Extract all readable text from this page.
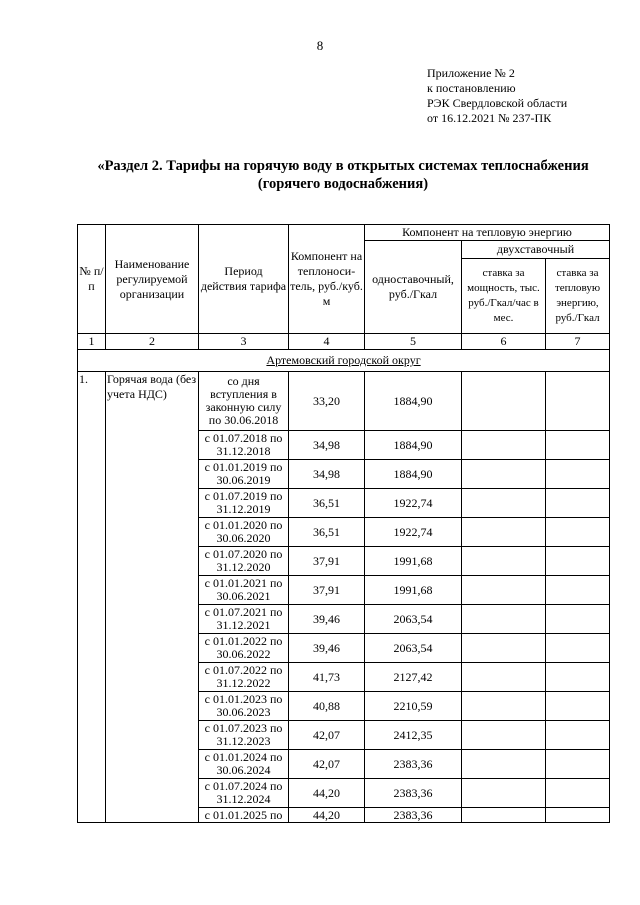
8
Приложение № 2
к постановлению
РЭК Свердловской области
от 16.12.2021 № 237-ПК
«Раздел 2. Тарифы на горячую воду в открытых системах теплоснабжения
(горячего водоснабжения)
№ п/п	Наименование регулируемой организации	Период действия тарифа	Компонент на теплоноси-тель, руб./куб. м	Компонент на тепловую энергию		
				одноставочный, руб./Гкал	двухставочный	
					ставка за мощность, тыс. руб./Гкал/час в мес.	ставка за тепловую энергию, руб./Гкал
1	2	3	4	5	6	7
Артемовский городской округ						
1.	Горячая вода (без учета НДС)	со дня вступления в законную силу по 30.06.2018	33,20	1884,90		
		с 01.07.2018 по 31.12.2018	34,98	1884,90		
		с 01.01.2019 по 30.06.2019	34,98	1884,90		
		с 01.07.2019 по 31.12.2019	36,51	1922,74		
		с 01.01.2020 по 30.06.2020	36,51	1922,74		
		с 01.07.2020 по 31.12.2020	37,91	1991,68		
		с 01.01.2021 по 30.06.2021	37,91	1991,68		
		с 01.07.2021 по 31.12.2021	39,46	2063,54		
		с 01.01.2022 по 30.06.2022	39,46	2063,54		
		с 01.07.2022 по 31.12.2022	41,73	2127,42		
		с 01.01.2023 по 30.06.2023	40,88	2210,59		
		с 01.07.2023 по 31.12.2023	42,07	2412,35		
		с 01.01.2024 по 30.06.2024	42,07	2383,36		
		с 01.07.2024 по 31.12.2024	44,20	2383,36		
		с 01.01.2025 по	44,20	2383,36		
